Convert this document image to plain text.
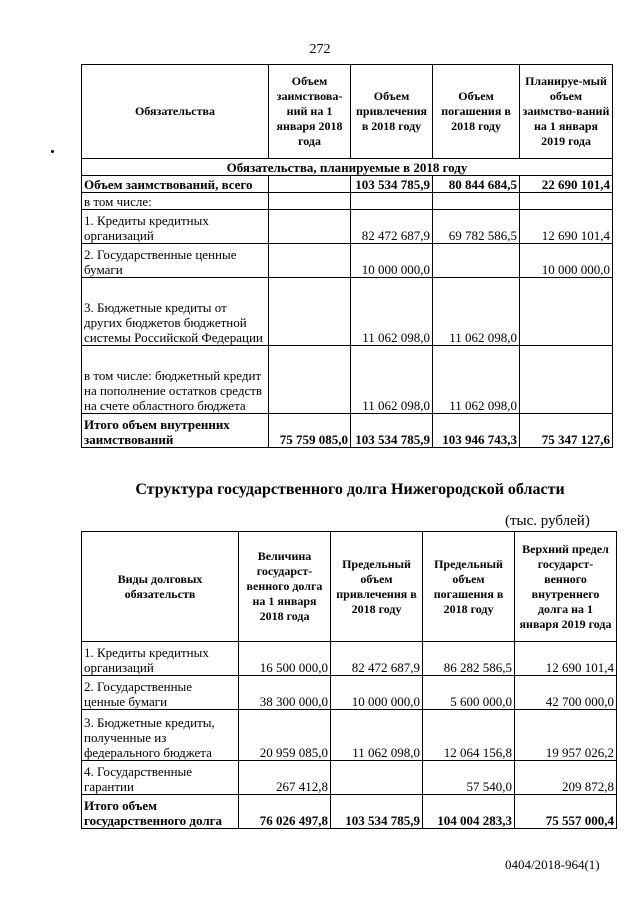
272
Обязательства	Объем заимствова-ний на 1 января 2018 года	Объем привлечения в 2018 году	Объем погашения в 2018 году	Планируе-мый объем заимство-ваний на 1 января 2019 года
Обязательства, планируемые в 2018 году				
Объем заимствований, всего		103 534 785,9	80 844 684,5	22 690 101,4
в том числе:				
1. Кредиты кредитных организаций		82 472 687,9	69 782 586,5	12 690 101,4
2. Государственные ценные бумаги		10 000 000,0		10 000 000,0
3. Бюджетные кредиты от других бюджетов бюджетной системы Российской Федерации		11 062 098,0	11 062 098,0	
в том числе: бюджетный кредит на пополнение остатков средств на счете областного бюджета		11 062 098,0	11 062 098,0	
Итого объем внутренних заимствований	75 759 085,0	103 534 785,9	103 946 743,3	75 347 127,6
Структура государственного долга Нижегородской области
(тыс. рублей)
Виды долговых обязательств	Величина государст-венного долга на 1 января 2018 года	Предельный объем привлечения в 2018 году	Предельный объем погашения в 2018 году	Верхний предел государст-венного внутреннего долга на 1 января 2019 года
1. Кредиты кредитных организаций	16 500 000,0	82 472 687,9	86 282 586,5	12 690 101,4
2. Государственные ценные бумаги	38 300 000,0	10 000 000,0	5 600 000,0	42 700 000,0
3. Бюджетные кредиты, полученные из федерального бюджета	20 959 085,0	11 062 098,0	12 064 156,8	19 957 026,2
4. Государственные гарантии	267 412,8		57 540,0	209 872,8
Итого объем государственного долга	76 026 497,8	103 534 785,9	104 004 283,3	75 557 000,4
0404/2018-964(1)
